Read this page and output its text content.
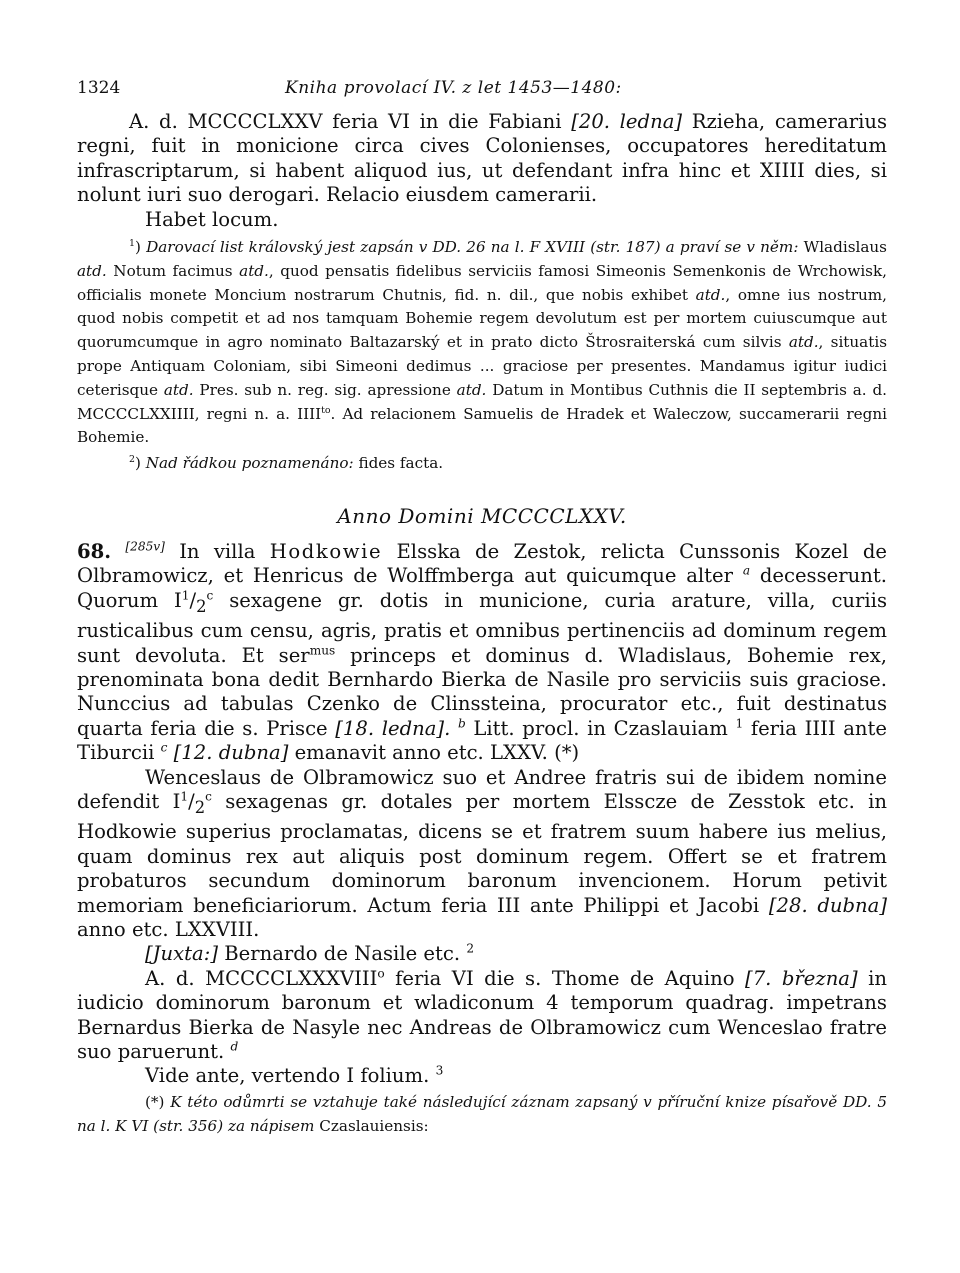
1324	Kniha provolací IV. z let 1453—1480:

A. d. MCCCCLXXV feria VI in die Fabiani [20. ledna] Rzieha, camerarius regni, fuit in monicione circa cives Colonienses, occupatores hereditatum infrascriptarum, si habent aliquod ius, ut defendant infra hinc et XIIII dies, si nolunt iuri suo derogari. Relacio eiusdem camerarii.

Habet locum.

$^1$) Darovací list královský jest zapsán v DD. 26 na l. F XVIII (str. 187) a praví se v něm: Wladislaus atd. Notum facimus atd., quod pensatis fidelibus serviciis famosi Simeonis Semenkonis de Wrchowisk, officialis monete Moncium nostrarum Chutnis, fid. n. dil., que nobis exhibet atd., omne ius nostrum, quod nobis competit et ad nos tamquam Bohemie regem devolutum est per mortem cuiuscumque aut quorumcumque in agro nominato Baltazarský et in prato dicto Štrosraiterská cum silvis atd., situatis prope Antiquam Coloniam, sibi Simeoni dedimus ... graciose per presentes. Mandamus igitur iudici ceterisque atd. Pres. sub n. reg. sig. apressione atd. Datum in Montibus Cuthnis die II septembris a. d. MCCCCLXXIIII, regni n. a. $IIII^{to}$. Ad relacionem Samuelis de Hradek et Waleczow, succamerarii regni Bohemie.

$^2$) Nad řádkou poznamenáno: fides facta.

Anno Domini MCCCCLXXV.

68. [285v] In villa Hodkowie Elsska de Zestok, relicta Cunssonis Kozel de Olbramowicz, et Henricus de Wolffmberga aut quicumque alter $^a$ decesserunt. Quorum $I^1/_2^c$ sexagene gr. dotis in municione, curia arature, villa, curiis rusticalibus cum censu, agris, pratis et omnibus pertinenciis ad dominum regem sunt devoluta. Et ser$^{mus}$ princeps et dominus d. Wladislaus, Bohemie rex, prenominata bona dedit Bernhardo Bierka de Nasile pro serviciis suis graciose. Nunccius ad tabulas Czenko de Clinssteina, procurator etc., fuit destinatus quarta feria die s. Prisce [18. ledna]. $^b$ Litt. procl. in Czaslauiam $^1$ feria IIII ante Tiburcii $^c$ [12. dubna] emanavit anno etc. LXXV. (*)

Wenceslaus de Olbramowicz suo et Andree fratris sui de ibidem nomine defendit $I^1/_2^c$ sexagenas gr. dotales per mortem Elsscze de Zesstok etc. in Hodkowie superius proclamatas, dicens se et fratrem suum habere ius melius, quam dominus rex aut aliquis post dominum regem. Offert se et fratrem probaturos secundum dominorum baronum invencionem. Horum petivit memoriam beneficiariorum. Actum feria III ante Philippi et Jacobi [28. dubna] anno etc. LXXVIII.

[Juxta:] Bernardo de Nasile etc. $^2$

A. d. MCCCCLXXXVIII$^o$ feria VI die s. Thome de Aquino [7. března] in iudicio dominorum baronum et wladiconum 4 temporum quadrag. impetrans Bernardus Bierka de Nasyle nec Andreas de Olbramowicz cum Wenceslao fratre suo paruerunt. $^d$

Vide ante, vertendo I folium. $^3$

(*) K této odůmrti se vztahuje také následující záznam zapsaný v příruční knize písařově DD. 5 na l. K VI (str. 356) za nápisem Czaslauiensis:
